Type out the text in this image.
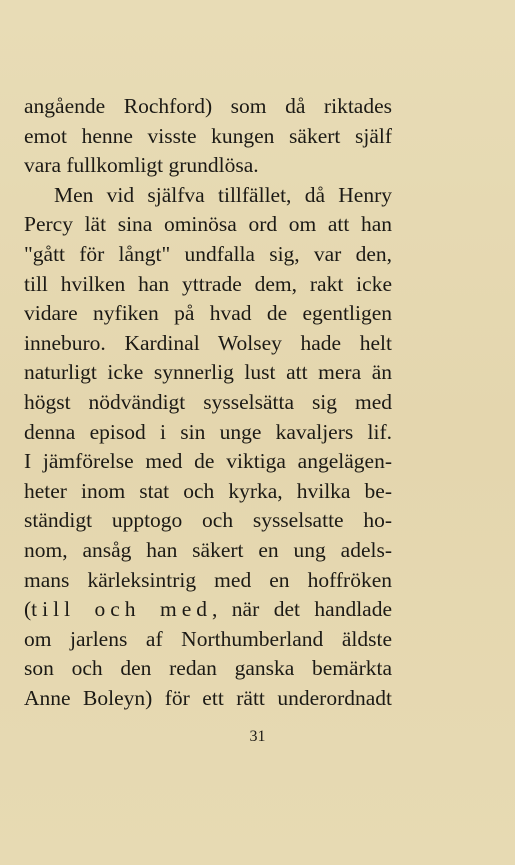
angående Rochford) som då riktades
emot henne visste kungen säkert själf
vara fullkomligt grundlösa.
Men vid själfva tillfället, då Henry
Percy lät sina ominösa ord om att han
"gått för långt" undfalla sig, var den,
till hvilken han yttrade dem, rakt icke
vidare nyfiken på hvad de egentligen
inneburo. Kardinal Wolsey hade helt
naturligt icke synnerlig lust att mera än
högst nödvändigt sysselsätta sig med
denna episod i sin unge kavaljers lif.
I jämförelse med de viktiga angelägen-
heter inom stat och kyrka, hvilka be-
ständigt upptogo och sysselsatte ho-
nom, ansåg han säkert en ung adels-
mans kärleksintrig med en hoffröken
(till och med, när det handlade
om jarlens af Northumberland äldste
son och den redan ganska bemärkta
Anne Boleyn) för ett rätt underordnadt
31
